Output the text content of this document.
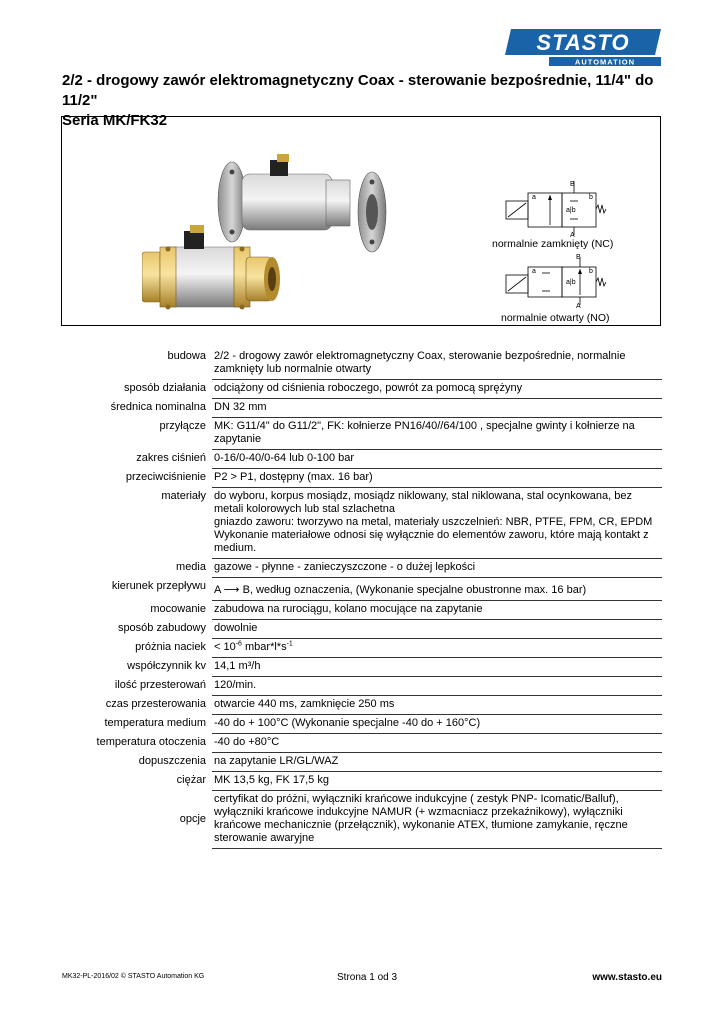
STASTO
AUTOMATION
2/2 - drogowy zawór elektromagnetyczny Coax - sterowanie bezpośrednie, 11/4" do 11/2"
Seria MK/FK32
a	b
a|b
B
A
normalnie zamknięty (NC)
a	b
a|b
B
A
normalnie otwarty (NO)
budowa	2/2 - drogowy zawór elektromagnetyczny Coax, sterowanie bezpośrednie, normalnie zamknięty lub normalnie otwarty
sposób działania	odciążony od ciśnienia roboczego, powrót za pomocą sprężyny
średnica nominalna	DN 32 mm
przyłącze	MK: G11/4" do G11/2", FK: kołnierze PN16/40//64/100 , specjalne gwinty i kołnierze na zapytanie
zakres ciśnień	0-16/0-40/0-64 lub 0-100 bar
przeciwciśnienie	P2 > P1, dostępny (max. 16 bar)
materiały	do wyboru, korpus mosiądz, mosiądz niklowany, stal niklowana, stal ocynkowana, bez metali kolorowych lub stal szlachetna
gniazdo zaworu: tworzywo na metal, materiały uszczelnień: NBR, PTFE, FPM, CR, EPDM
Wykonanie materiałowe odnosi się wyłącznie do elementów zaworu, które mają kontakt z medium.

media	gazowe - płynne - zanieczyszczone - o dużej lepkości
kierunek przepływu	A ⟶ B, według oznaczenia, (Wykonanie specjalne obustronne max. 16 bar)
mocowanie	zabudowa na rurociągu, kolano mocujące na zapytanie
sposób zabudowy	dowolnie
próżnia naciek	< $10^{-6}$ $mbar*l*s^{-1}$
współczynnik kv	14,1 m³/h
ilość przesterowań	120/min.
czas przesterowania	otwarcie 440 ms, zamknięcie 250 ms
temperatura medium	-40 do + 100°C (Wykonanie specjalne -40 do + 160°C)
temperatura otoczenia	-40 do +80°C
dopuszczenia	na zapytanie LR/GL/WAZ
ciężar	MK 13,5 kg, FK 17,5 kg
opcje	certyfikat do próżni, wyłączniki krańcowe indukcyjne ( zestyk PNP- Icomatic/Balluf), wyłączniki krańcowe indukcyjne NAMUR (+ wzmacniacz przekaźnikowy), wyłączniki krańcowe mechanicznie (przełącznik), wykonanie ATEX, tłumione zamykanie, ręczne sterowanie awaryjne
MK32-PL-2016/02 © STASTO Automation KG	Strona 1 od 3	www.stasto.eu
